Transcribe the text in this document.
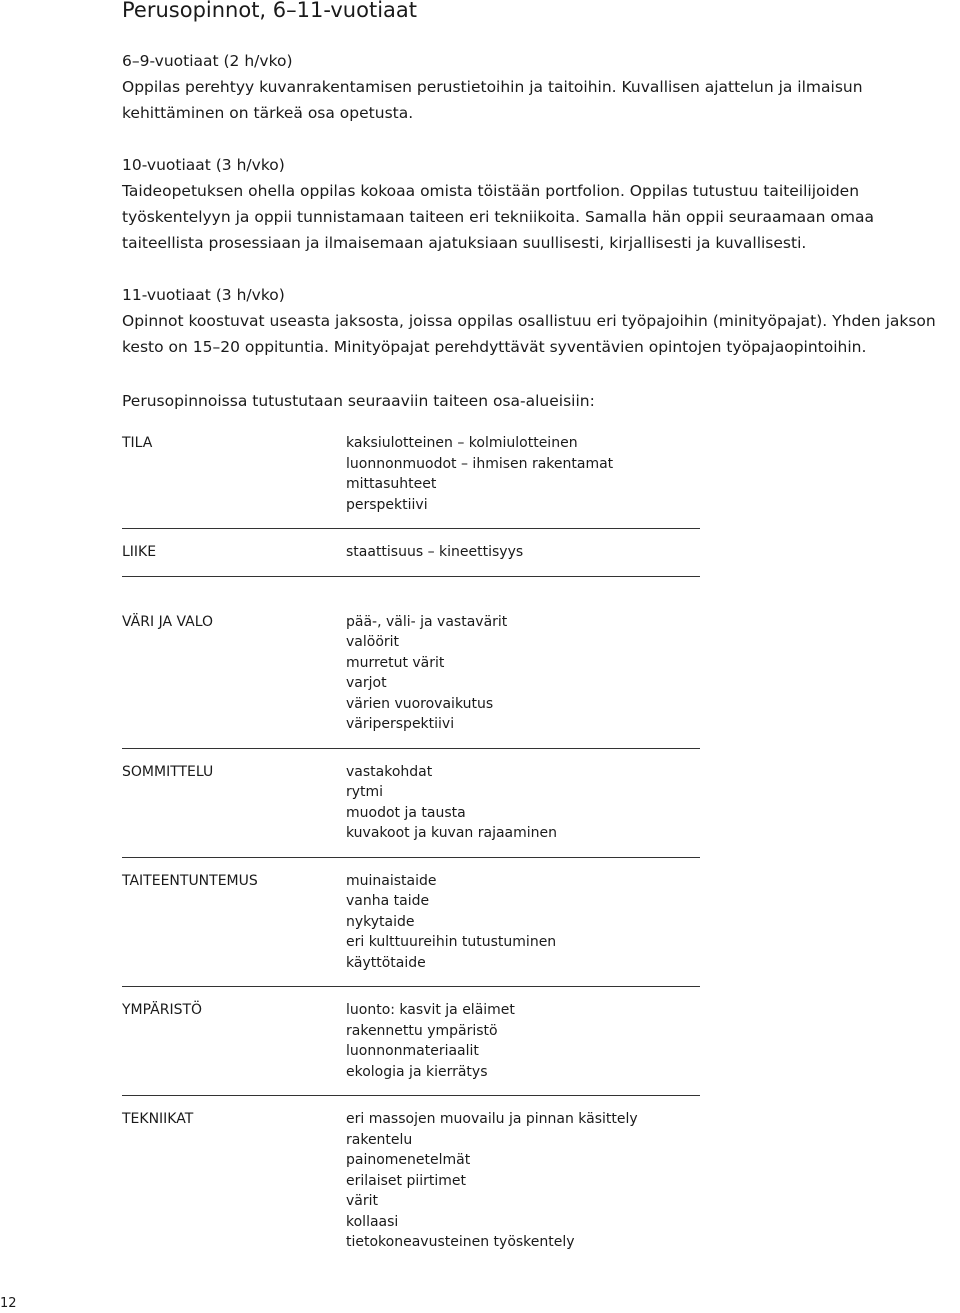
Perusopinnot, 6–11-vuotiaat

6–9-vuotiaat (2 h/vko)
Oppilas perehtyy kuvanrakentamisen perustietoihin ja taitoihin. Kuvallisen ajattelun ja ilmaisun kehittäminen on tärkeä osa opetusta.

10-vuotiaat (3 h/vko)
Taideopetuksen ohella oppilas kokoaa omista töistään portfolion. Oppilas tutustuu taiteilijoiden työskentelyyn ja oppii tunnistamaan taiteen eri tekniikoita. Samalla hän oppii seuraamaan omaa taiteellista prosessiaan ja ilmaisemaan ajatuksiaan suullisesti, kirjallisesti ja kuvallisesti.

11-vuotiaat (3 h/vko)
Opinnot koostuvat useasta jaksosta, joissa oppilas osallistuu eri työpajoihin (minityöpajat). Yhden jakson kesto on 15–20 oppituntia. Minityöpajat perehdyttävät syventävien opintojen työpajaopintoihin.

Perusopinnoissa tutustutaan seuraaviin taiteen osa-alueisiin:

TILA	kaksiulotteinen – kolmiulotteinen
luonnonmuodot – ihmisen rakentamat
mittasuhteet
perspektiivi
LIIKE	staattisuus – kineettisyys
VÄRI JA VALO	pää-, väli- ja vastavärit
valöörit
murretut värit
varjot
värien vuorovaikutus
väriperspektiivi
SOMMITTELU	vastakohdat
rytmi
muodot ja tausta
kuvakoot ja kuvan rajaaminen
TAITEENTUNTEMUS	muinaistaide
vanha taide
nykytaide
eri kulttuureihin tutustuminen
käyttötaide
YMPÄRISTÖ	luonto: kasvit ja eläimet
rakennettu ympäristö
luonnonmateriaalit
ekologia ja kierrätys
TEKNIIKAT	eri massojen muovailu ja pinnan käsittely
rakentelu
painomenetelmät
erilaiset piirtimet
värit
kollaasi
tietokoneavusteinen työskentely
12
